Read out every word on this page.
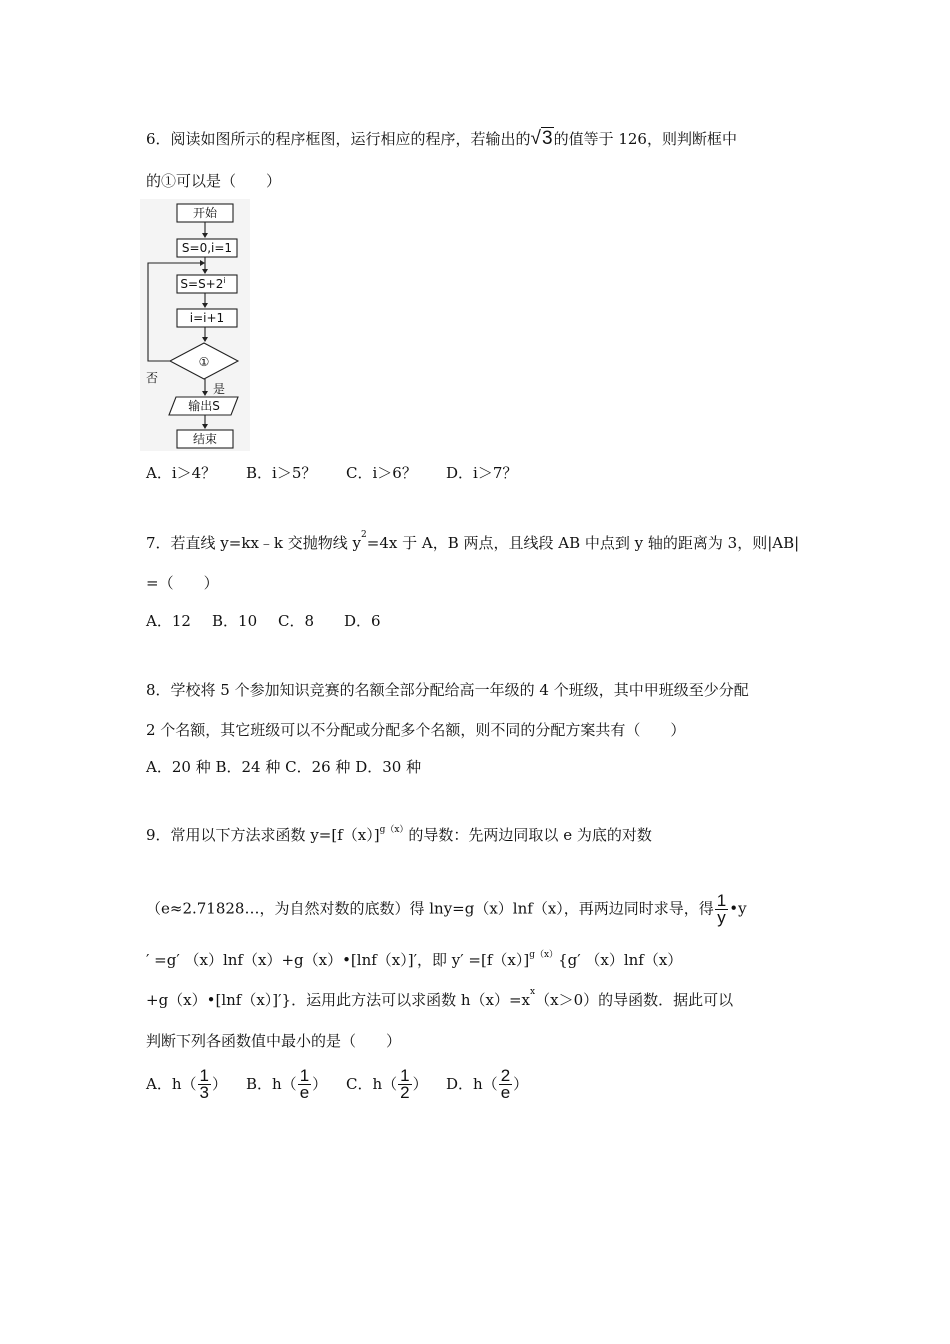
6．阅读如图所示的程序框图，运行相应的程序，若输出的√3的值等于 126，则判断框中
的①可以是（　　）
开始
S=0,i=1
$S=S+2^i$
i=i+1
①
否
是
输出S
结束
A．i＞4？ B．i＞5？ C．i＞6？ D．i＞7？
7．若直线 y=kx﹣k 交抛物线 $y^2=4x$ 于 A，B 两点，且线段 AB 中点到 y 轴的距离为 3，则|AB|
=（　　）
A．12 B．10 C．8 D．6
8．学校将 5 个参加知识竞赛的名额全部分配给高一年级的 4 个班级，其中甲班级至少分配
2 个名额，其它班级可以不分配或分配多个名额，则不同的分配方案共有（　　）
A．20 种 B．24 种 C．26 种 D．30 种
9．常用以下方法求函数 $y=[f(x)]^{g(x)}$的导数：先两边同取以 e 为底的对数
（e≈2.71828…，为自然对数的底数）得 lny=g（x）lnf（x），再两边同时求导，得 $\frac{1}{y}$ •y
′ =g′ （x）lnf（x）+g（x）•[lnf（x）]′，即 $y' =[f(x)]^{g(x)}\{g'$ （x）lnf（x）
+g（x）•[lnf（x）]′}．运用此方法可以求函数 $h(x)=x^x(x>0)$的导函数．据此可以
判断下列各函数值中最小的是（　　）
A．$h( \frac{1}{3}$ ） B．$h( \frac{1}{e}$ ） C．$h( \frac{1}{2}$ ） D．$h( \frac{2}{e}$ ）
